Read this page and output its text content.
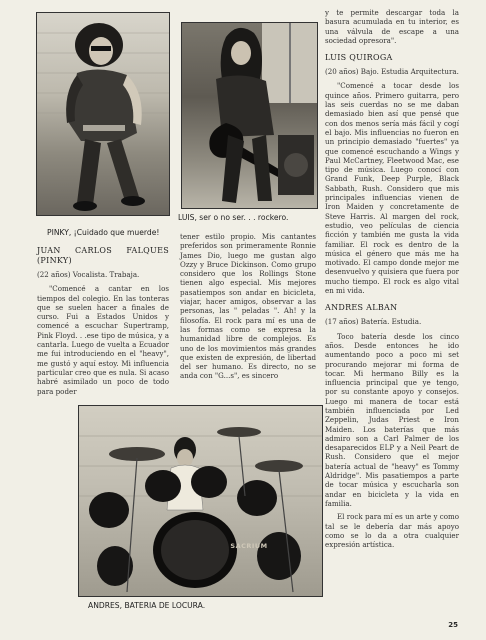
PINKY, ¡Cuidado que muerde!
LUIS, ser o no ser. . . rockero.
SACRIUM
ANDRES, BATERIA DE LOCURA.

JUAN CARLOS FALQUES (PINKY)

(22 años) Vocalista. Trabaja.

"Comencé a cantar en los tiempos del colegio. En las tonteras que se suelen hacer a finales de curso. Fui a Estados Unidos y comencé a escuchar Supertramp, Pink Floyd. . .ese tipo de música, y a cantarla. Luego de vuelta a Ecuador me fui introduciendo en el "heavy", me gustó y aquí estoy. Mi influencia particular creo que es nula. Si acaso habré asimilado un poco de todo para poder

tener estilo propio. Mis cantantes preferidos son primeramente Ronnie James Dio, luego me gustan algo Ozzy y Bruce Dickinson. Como grupo considero que los Rollings Stone tienen algo especial. Mis mejores pasatiempos son andar en bicicleta, viajar, hacer amigos, observar a las personas, las " peladas ". Ah! y la filosofía. El rock para mí es una de las formas como se expresa la humanidad libre de complejos. Es uno de los movimientos más grandes que existen de expresión, de libertad del ser humano. Es directo, no se anda con "G...s", es sincero

y te permite descargar toda la basura acumulada en tu interior, es una válvula de escape a una sociedad opresora".

LUIS QUIROGA

(20 años) Bajo. Estudia Arquitectura.

"Comencé a tocar desde los quince años. Primero guitarra, pero las seis cuerdas no se me daban demasiado bien así que pensé que con dos menos sería más fácil y cogí el bajo. Mis influencias no fueron en un principio demasiado "fuertes" ya que comencé escuchando a Wings y Paul McCartney, Fleetwood Mac, ese tipo de música. Luego conocí con Grand Funk, Deep Purple, Black Sabbath, Rush. Considero que mis principales influencias vienen de Iron Maiden y concretamente de Steve Harris. Al margen del rock, estudio, veo películas de ciencia ficción y también me gusta la vida familiar. El rock es dentro de la música el género que más me ha motivado. El campo donde mejor me desenvuelvo y quisiera que fuera por mucho tiempo. El rock es algo vital en mi vida.

ANDRES ALBAN

(17 años) Batería. Estudia.

Toco batería desde los cinco años. Desde entonces he ido aumentando poco a poco mi set procurando mejorar mi forma de tocar. Mi hermano Billy es la influencia principal que ye tengo, por su constante apoyo y consejos. Luego mi manera de tocar está también influenciada por Led Zeppelin, Judas Priest e Iron Maiden. Los baterías que más admiro son a Carl Palmer de los desaparecidos ELP y a Neil Peart de Rush. Considero que el mejor batería actual de "heavy" es Tommy Aldridge". Mis pasatiempos a parte de tocar música y escucharla son andar en bicicleta y la vida en familia.

El rock para mí es un arte y como tal se le debería dar más apoyo como se lo da a otra cualquier expresión artística.

25
